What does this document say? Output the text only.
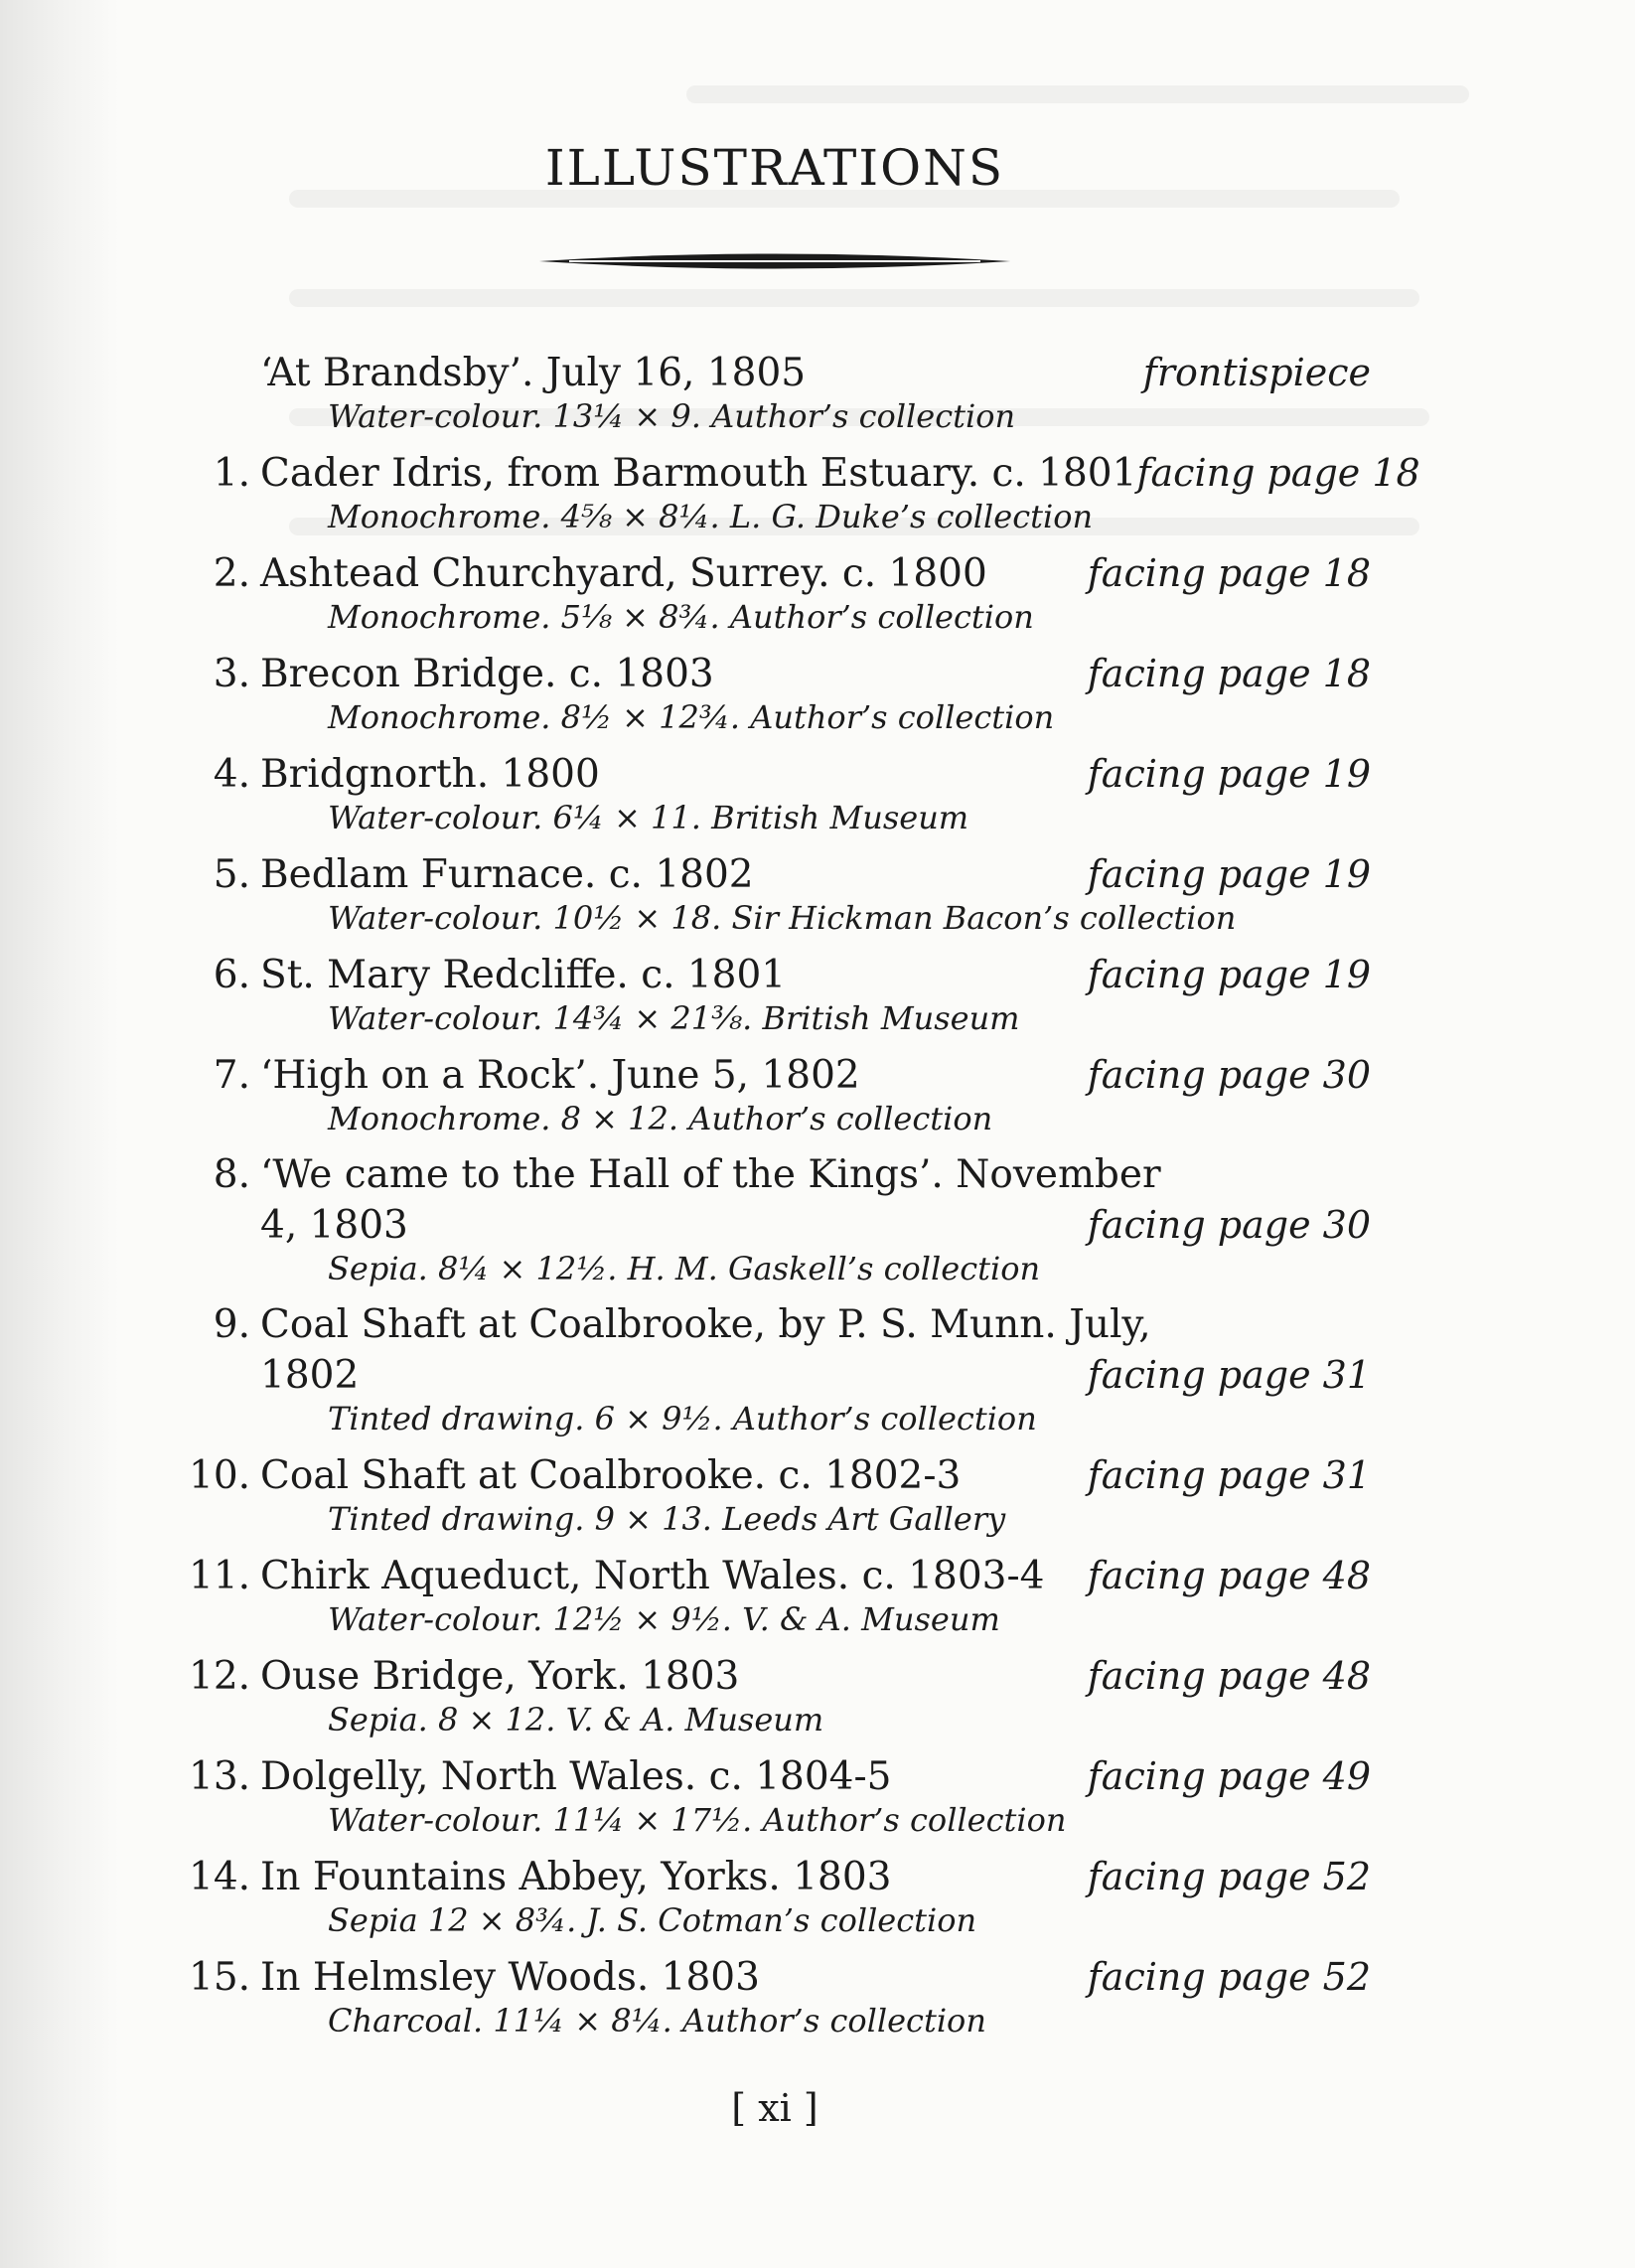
ILLUSTRATIONS
‘At Brandsby’. July 16, 1805	frontispiece
Water-colour. 13¼ × 9. Author’s collection
1. Cader Idris, from Barmouth Estuary. c. 1801 facing page 18
Monochrome. 4⅝ × 8¼. L. G. Duke’s collection
2. Ashtead Churchyard, Surrey. c. 1800	facing page 18
Monochrome. 5⅛ × 8¾. Author’s collection
3. Brecon Bridge. c. 1803	facing page 18
Monochrome. 8½ × 12¾. Author’s collection
4. Bridgnorth. 1800	facing page 19
Water-colour. 6¼ × 11. British Museum
5. Bedlam Furnace. c. 1802	facing page 19
Water-colour. 10½ × 18. Sir Hickman Bacon’s collection
6. St. Mary Redcliffe. c. 1801	facing page 19
Water-colour. 14¾ × 21⅜. British Museum
7. ‘High on a Rock’. June 5, 1802	facing page 30
Monochrome. 8 × 12. Author’s collection
8. ‘We came to the Hall of the Kings’. November
4, 1803	facing page 30
Sepia. 8¼ × 12½. H. M. Gaskell’s collection
9. Coal Shaft at Coalbrooke, by P. S. Munn. July,
1802	facing page 31
Tinted drawing. 6 × 9½. Author’s collection
10. Coal Shaft at Coalbrooke. c. 1802-3	facing page 31
Tinted drawing. 9 × 13. Leeds Art Gallery
11. Chirk Aqueduct, North Wales. c. 1803-4 facing page 48
Water-colour. 12½ × 9½. V. & A. Museum
12. Ouse Bridge, York. 1803	facing page 48
Sepia. 8 × 12. V. & A. Museum
13. Dolgelly, North Wales. c. 1804-5	facing page 49
Water-colour. 11¼ × 17½. Author’s collection
14. In Fountains Abbey, Yorks. 1803	facing page 52
Sepia 12 × 8¾. J. S. Cotman’s collection
15. In Helmsley Woods. 1803	facing page 52
Charcoal. 11¼ × 8¼. Author’s collection
[ xi ]
